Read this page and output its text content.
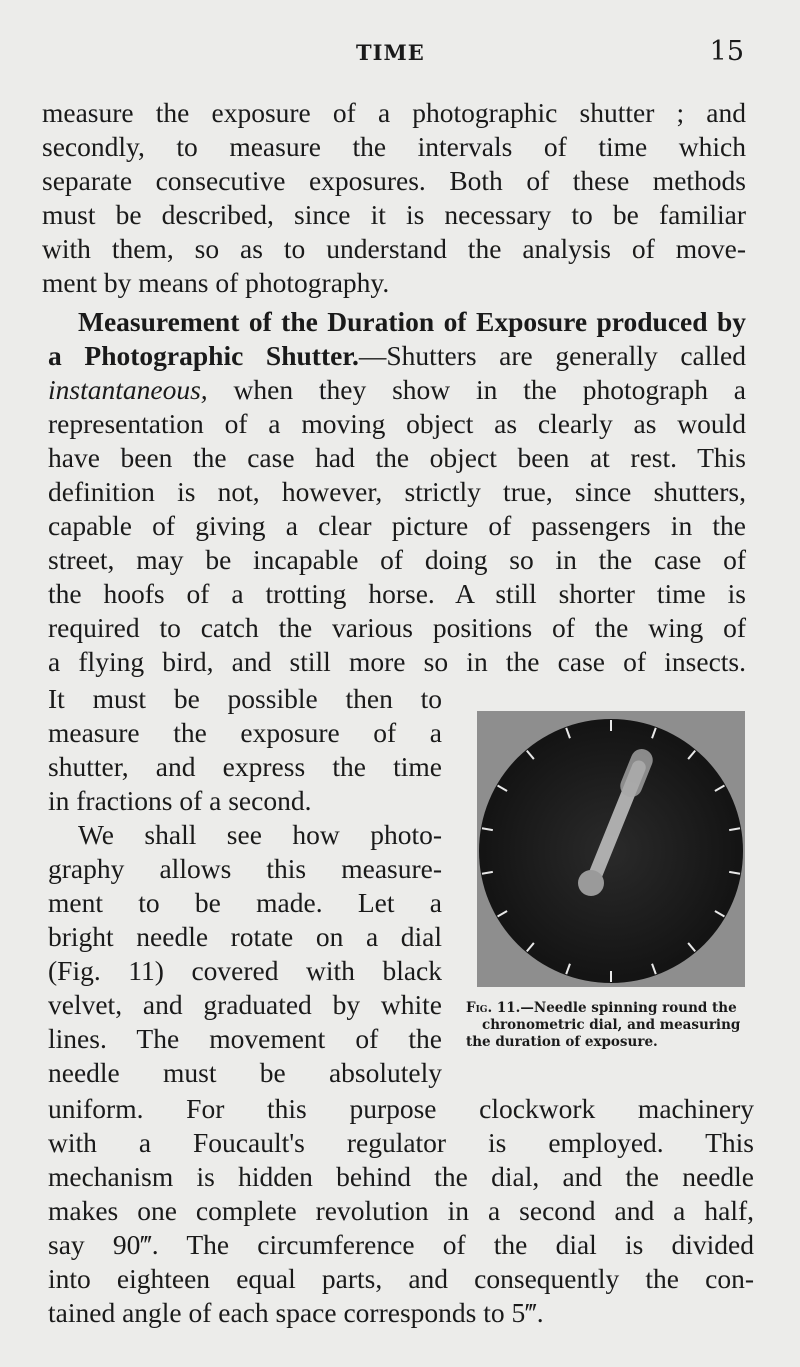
TIME	15
measure the exposure of a photographic shutter ; and
secondly, to measure the intervals of time which
separate consecutive exposures. Both of these methods
must be described, since it is necessary to be familiar
with them, so as to understand the analysis of move-
ment by means of photography.
Measurement of the Duration of Exposure produced by
a Photographic Shutter.—Shutters are generally called
instantaneous, when they show in the photograph a
representation of a moving object as clearly as would
have been the case had the object been at rest. This
definition is not, however, strictly true, since shutters,
capable of giving a clear picture of passengers in the
street, may be incapable of doing so in the case of
the hoofs of a trotting horse. A still shorter time is
required to catch the various positions of the wing of
a flying bird, and still more so in the case of insects.
It must be possible then to
measure the exposure of a
shutter, and express the time
in fractions of a second.
We shall see how photo-
graphy allows this measure-
ment to be made. Let a
bright needle rotate on a dial
(Fig. 11) covered with black
velvet, and graduated by white
lines. The movement of the
needle must be absolutely
Fig. 11.—Needle spinning round the
chronometric dial, and measuring
the duration of exposure.
uniform. For this purpose clockwork machinery
with a Foucault's regulator is employed. This
mechanism is hidden behind the dial, and the needle
makes one complete revolution in a second and a half,
say 90‴. The circumference of the dial is divided
into eighteen equal parts, and consequently the con-
tained angle of each space corresponds to 5‴.
